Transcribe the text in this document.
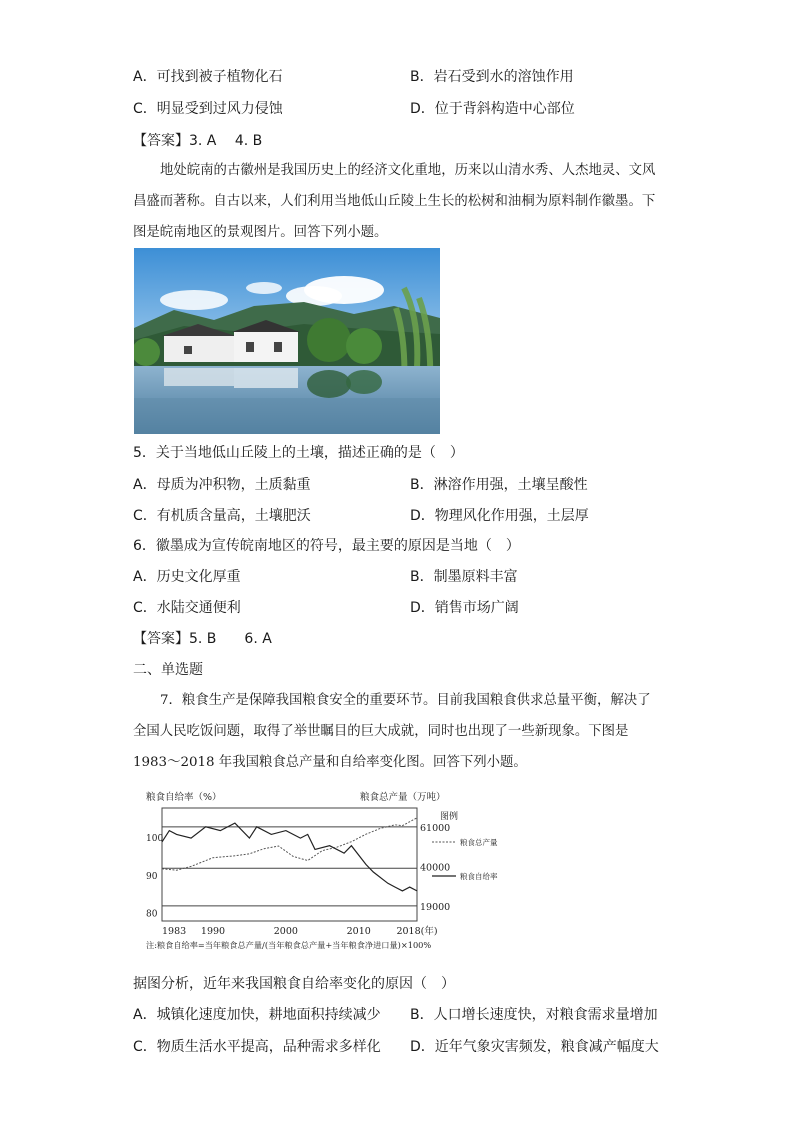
A．可找到被子植物化石	B．岩石受到水的溶蚀作用
C．明显受到过风力侵蚀	D．位于背斜构造中心部位
【答案】3. A　 4. B
地处皖南的古徽州是我国历史上的经济文化重地，历来以山清水秀、人杰地灵、文风昌盛而著称。自古以来，人们利用当地低山丘陵上生长的松树和油桐为原料制作徽墨。下图是皖南地区的景观图片。回答下列小题。
5．关于当地低山丘陵上的土壤，描述正确的是（　）
A．母质为冲积物，土质黏重	B．淋溶作用强，土壤呈酸性
C．有机质含量高，土壤肥沃	D．物理风化作用强，土层厚
6．徽墨成为宣传皖南地区的符号，最主要的原因是当地（　）
A．历史文化厚重	B．制墨原料丰富
C．水陆交通便利	D．销售市场广阔
【答案】5. B　　6. A
二、单选题
7．粮食生产是保障我国粮食安全的重要环节。目前我国粮食供求总量平衡，解决了全国人民吃饭问题，取得了举世瞩目的巨大成就，同时也出现了一些新现象。下图是 1983～2018 年我国粮食总产量和自给率变化图。回答下列小题。
粮食自给率（%）	粮食总产量（万吨）
100
90
80
61000
40000
19000
1983 1990	2000	2010	2018(年)
图例
粮食总产量
粮食自给率
注:粮食自给率=当年粮食总产量/(当年粮食总产量+当年粮食净进口量)×100%
据图分析，近年来我国粮食自给率变化的原因（　）
A．城镇化速度加快，耕地面积持续减少 B．人口增长速度快，对粮食需求量增加
C．物质生活水平提高，品种需求多样化 D．近年气象灾害频发，粮食减产幅度大
